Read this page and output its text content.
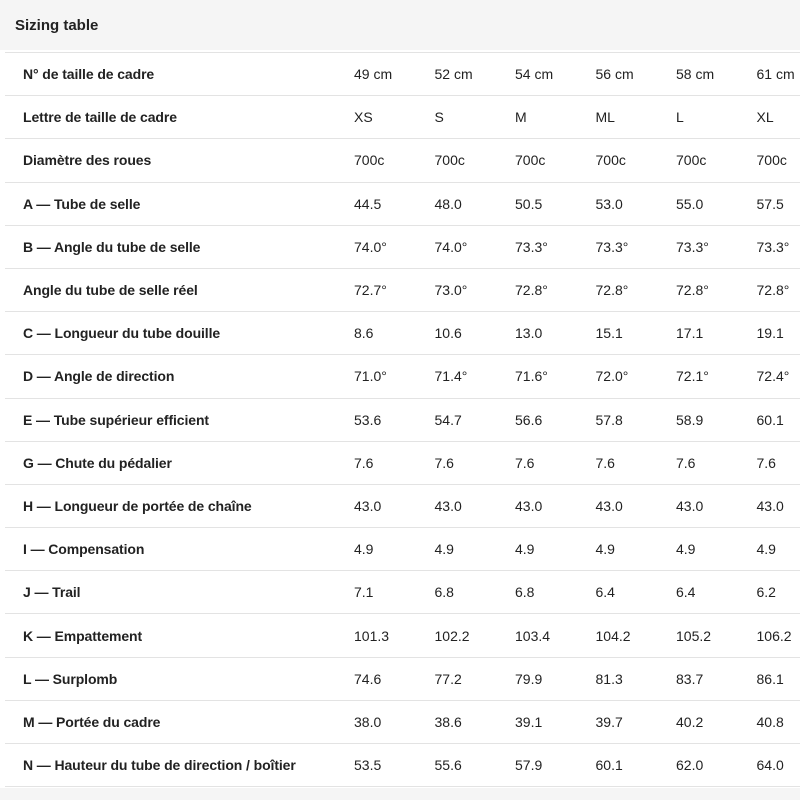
Sizing table
N° de taille de cadre	49 cm	52 cm	54 cm	56 cm	58 cm	61 cm
Lettre de taille de cadre	XS	S	M	ML	L	XL
Diamètre des roues	700c	700c	700c	700c	700c	700c
A — Tube de selle	44.5	48.0	50.5	53.0	55.0	57.5
B — Angle du tube de selle	74.0°	74.0°	73.3°	73.3°	73.3°	73.3°
Angle du tube de selle réel	72.7°	73.0°	72.8°	72.8°	72.8°	72.8°
C — Longueur du tube douille	8.6	10.6	13.0	15.1	17.1	19.1
D — Angle de direction	71.0°	71.4°	71.6°	72.0°	72.1°	72.4°
E — Tube supérieur efficient	53.6	54.7	56.6	57.8	58.9	60.1
G — Chute du pédalier	7.6	7.6	7.6	7.6	7.6	7.6
H — Longueur de portée de chaîne	43.0	43.0	43.0	43.0	43.0	43.0
I — Compensation	4.9	4.9	4.9	4.9	4.9	4.9
J — Trail	7.1	6.8	6.8	6.4	6.4	6.2
K — Empattement	101.3	102.2	103.4	104.2	105.2	106.2
L — Surplomb	74.6	77.2	79.9	81.3	83.7	86.1
M — Portée du cadre	38.0	38.6	39.1	39.7	40.2	40.8
N — Hauteur du tube de direction / boîtier	53.5	55.6	57.9	60.1	62.0	64.0
